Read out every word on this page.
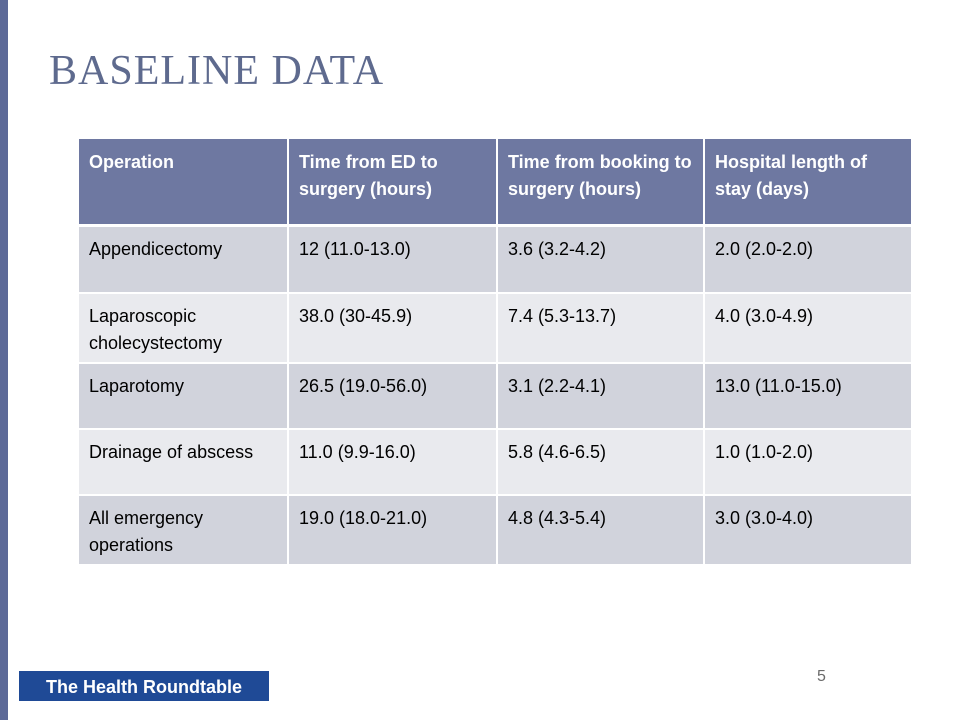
BASELINE DATA
Operation	Time from ED to surgery (hours)	Time from booking to surgery (hours)	Hospital length of stay (days)
Appendicectomy	12 (11.0-13.0)	3.6 (3.2-4.2)	2.0 (2.0-2.0)
Laparoscopic cholecystectomy	38.0 (30-45.9)	7.4 (5.3-13.7)	4.0 (3.0-4.9)
Laparotomy	26.5 (19.0-56.0)	3.1 (2.2-4.1)	13.0 (11.0-15.0)
Drainage of abscess	11.0 (9.9-16.0)	5.8 (4.6-6.5)	1.0 (1.0-2.0)
All emergency operations	19.0 (18.0-21.0)	4.8 (4.3-5.4)	3.0 (3.0-4.0)
The Health Roundtable
5
